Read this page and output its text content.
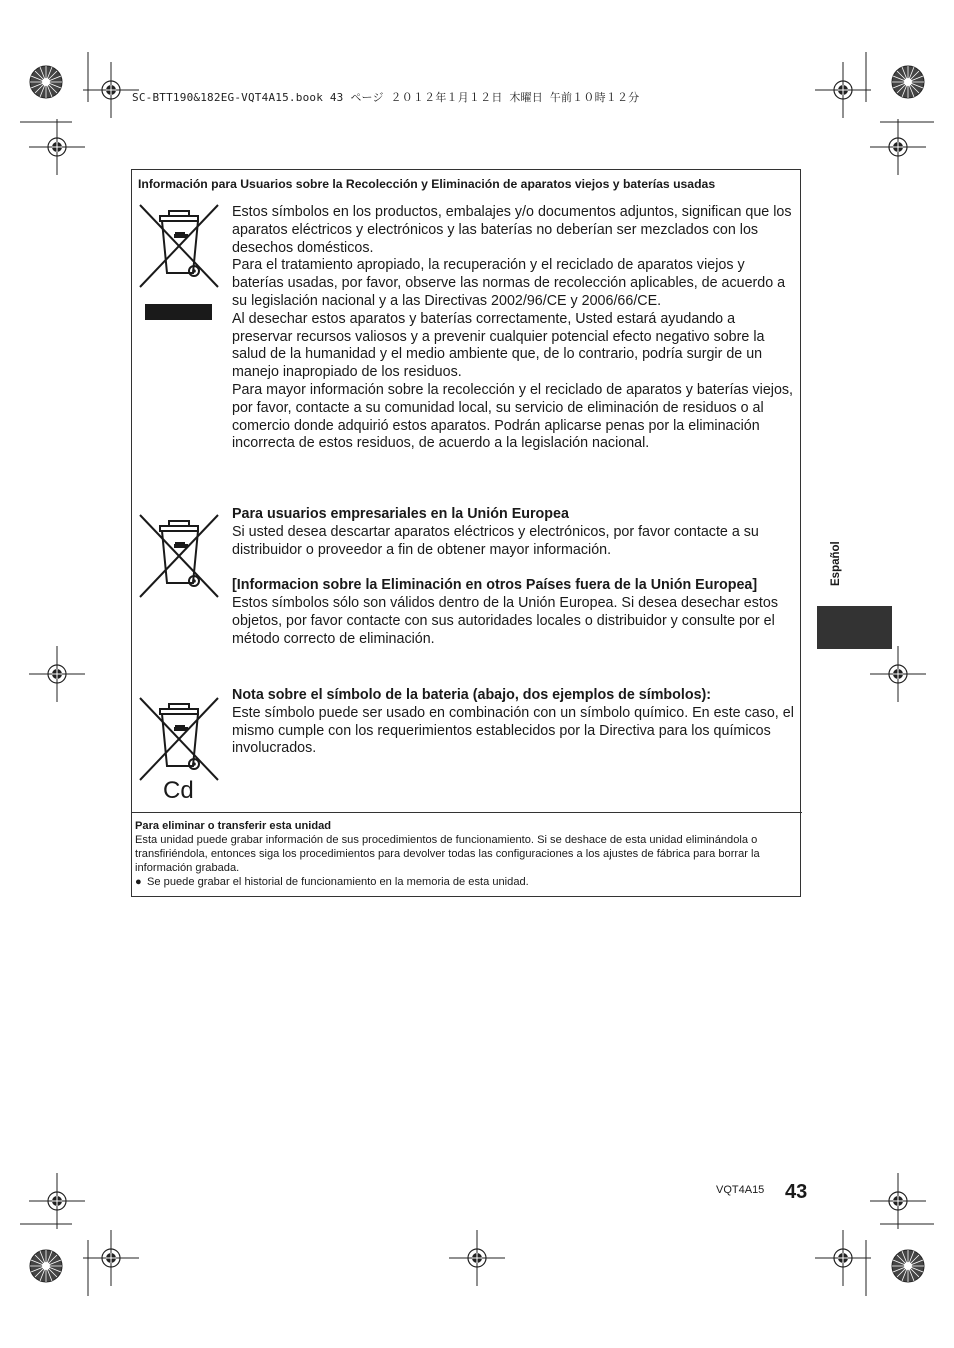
SC-BTT190&182EG-VQT4A15.book 43 ページ ２０１２年１月１２日 木曜日 午前１０時１２分
Información para Usuarios sobre la Recolección y Eliminación de aparatos viejos y baterías usadas
Cd

Estos símbolos en los productos, embalajes y/o documentos adjuntos, significan que los aparatos eléctricos y electrónicos y las baterías no deberían ser mezclados con los desechos domésticos.

Para el tratamiento apropiado, la recuperación y el reciclado de aparatos viejos y baterías usadas, por favor, observe las normas de recolección aplicables, de acuerdo a su legislación nacional y a las Directivas 2002/96/CE y 2006/66/CE.

Al desechar estos aparatos y baterías correctamente, Usted estará ayudando a preservar recursos valiosos y a prevenir cualquier potencial efecto negativo sobre la salud de la humanidad y el medio ambiente que, de lo contrario, podría surgir de un manejo inapropiado de los residuos.

Para mayor información sobre la recolección y el reciclado de aparatos y baterías viejos, por favor, contacte a su comunidad local, su servicio de eliminación de residuos o al comercio donde adquirió estos aparatos. Podrán aplicarse penas por la eliminación incorrecta de estos residuos, de acuerdo a la legislación nacional.

Para usuarios empresariales en la Unión Europea

Si usted desea descartar aparatos eléctricos y electrónicos, por favor contacte a su distribuidor o proveedor a fin de obtener mayor información.

[Informacion sobre la Eliminación en otros Países fuera de la Unión Europea]

Estos símbolos sólo son válidos dentro de la Unión Europea. Si desea desechar estos objetos, por favor contacte con sus autoridades locales o distribuidor y consulte por el método correcto de eliminación.

Nota sobre el símbolo de la bateria (abajo, dos ejemplos de símbolos):

Este símbolo puede ser usado en combinación con un símbolo químico. En este caso, el mismo cumple con los requerimientos establecidos por la Directiva para los químicos involucrados.

Para eliminar o transferir esta unidad

Esta unidad puede grabar información de sus procedimientos de funcionamiento. Si se deshace de esta unidad eliminándola o transfiriéndola, entonces siga los procedimientos para devolver todas las configuraciones a los ajustes de fábrica para borrar la información grabada.

● Se puede grabar el historial de funcionamiento en la memoria de esta unidad.
Español
VQT4A15 43
